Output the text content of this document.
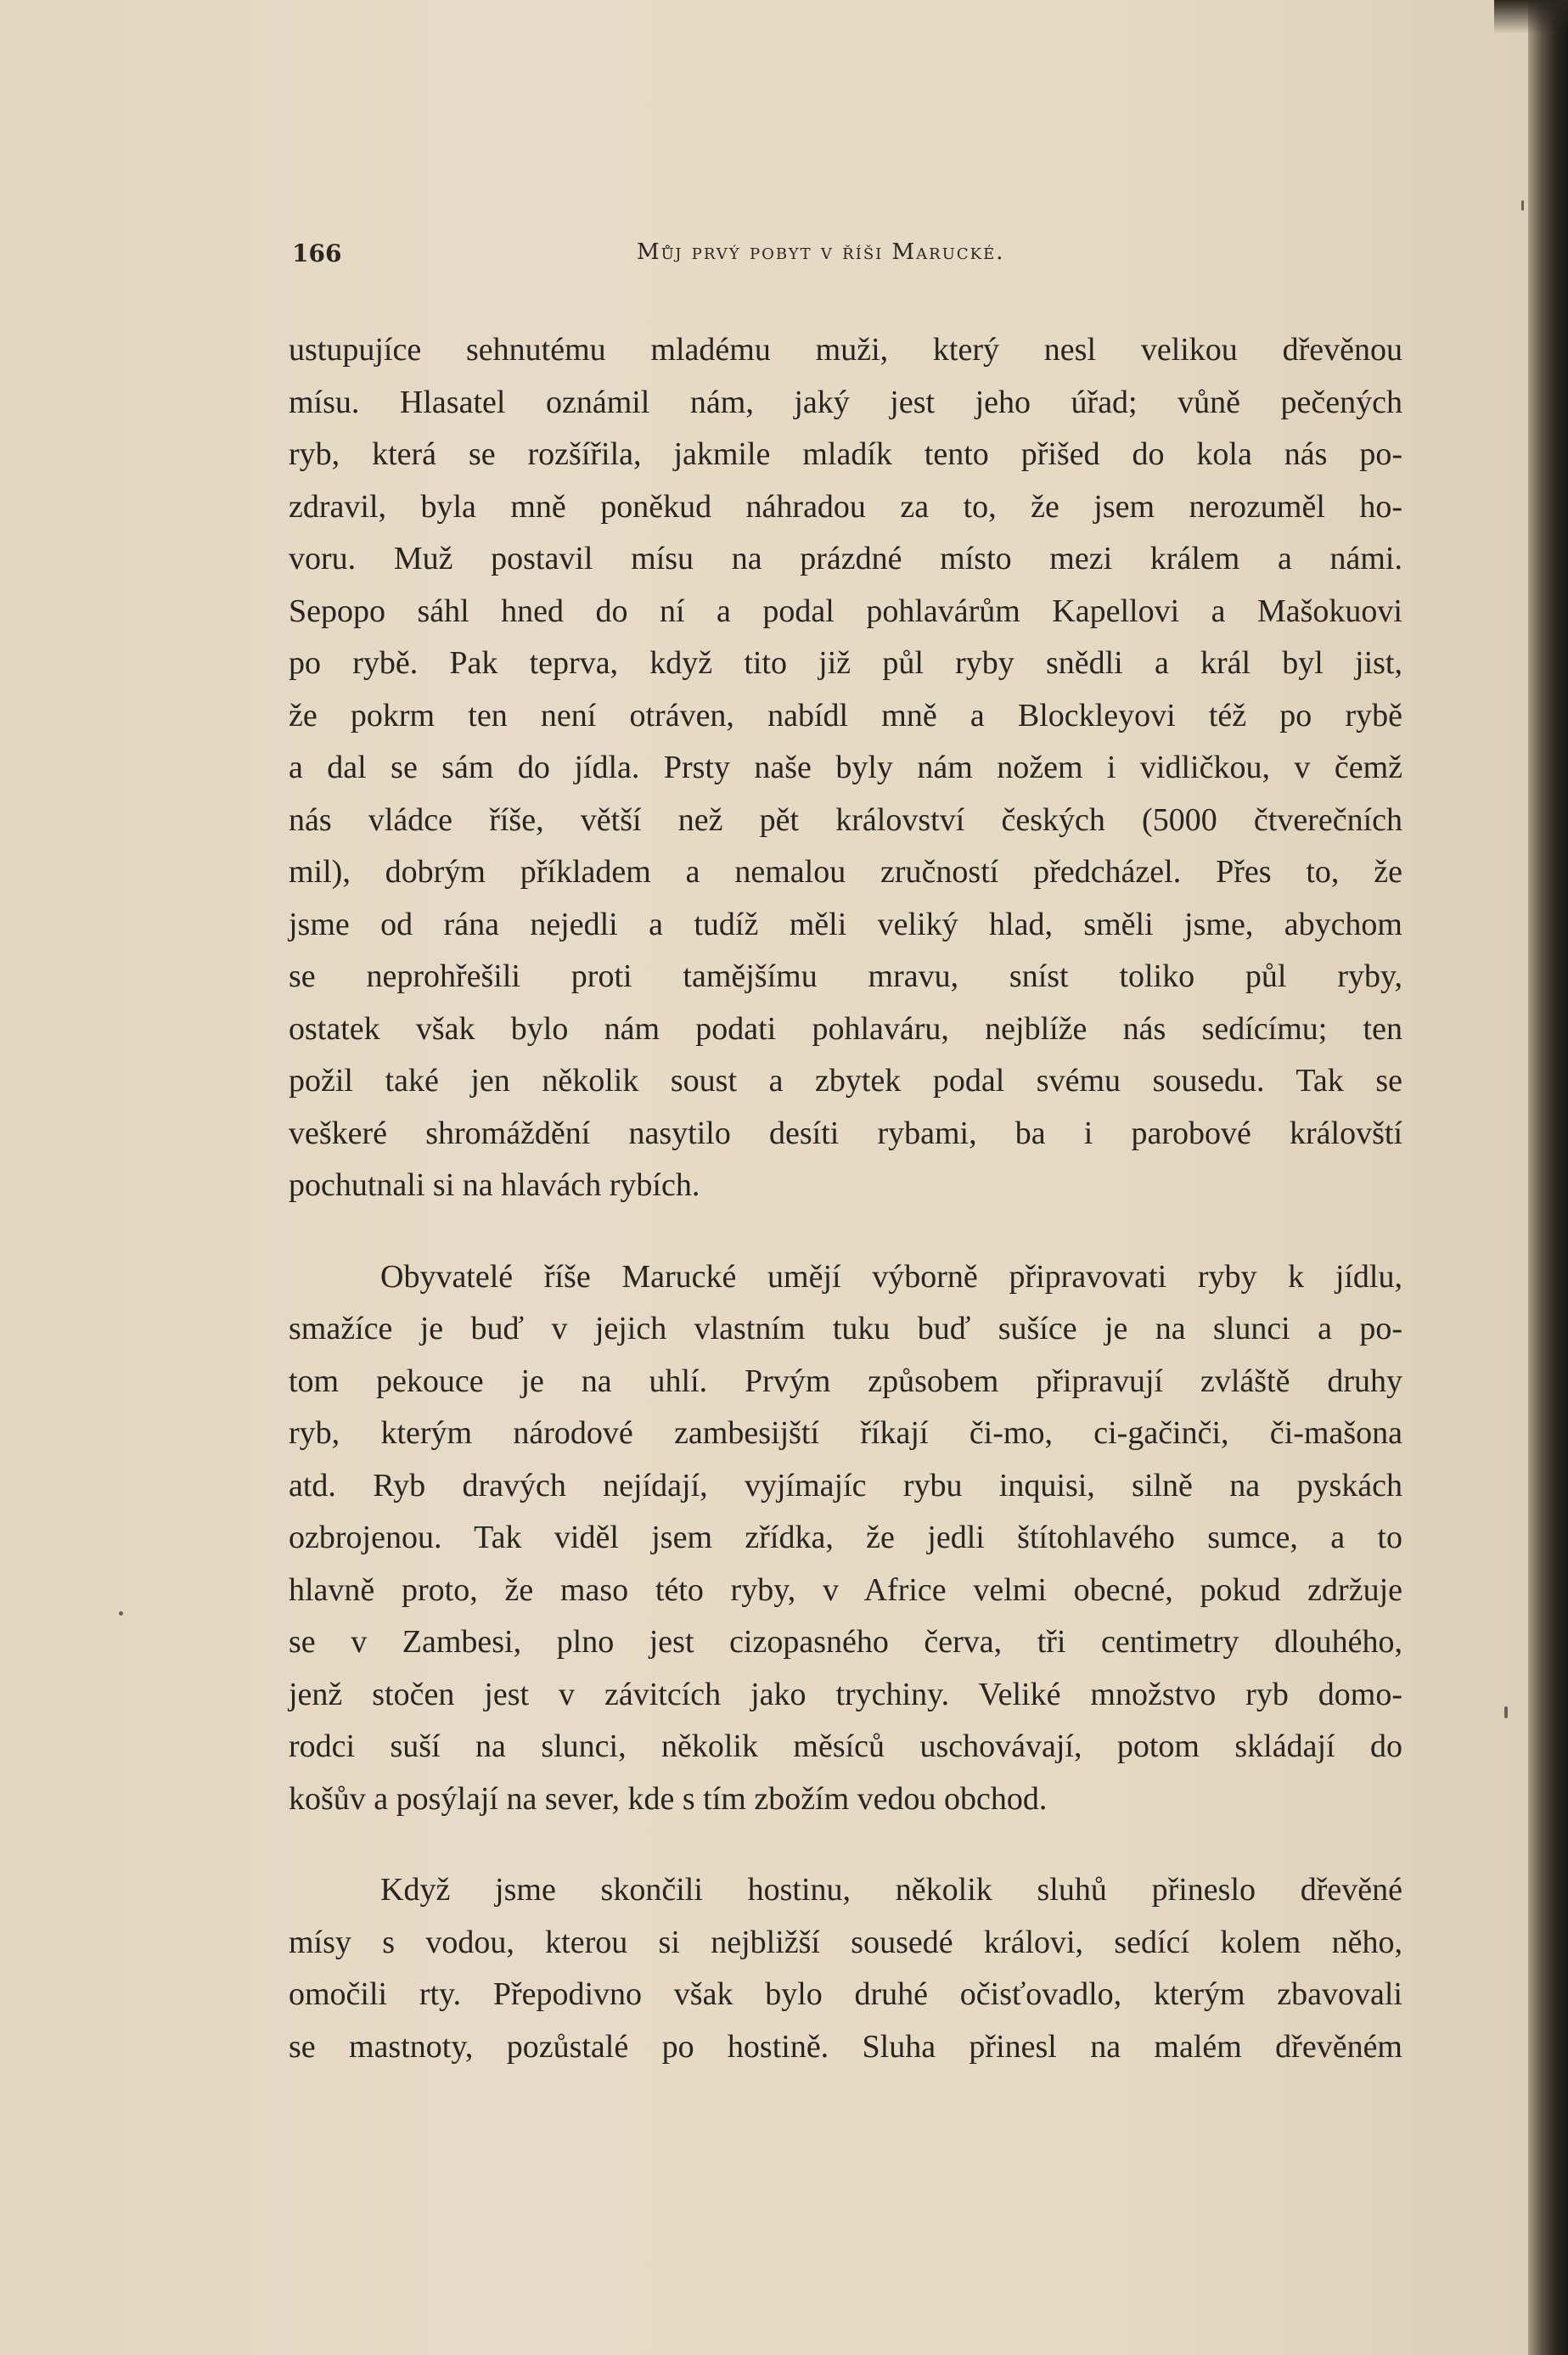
166	Můj prvý pobyt v říši Marucké.
ustupujíce sehnutému mladému muži, který nesl velikou dřevěnou
mísu. Hlasatel oznámil nám, jaký jest jeho úřad; vůně pečených
ryb, která se rozšířila, jakmile mladík tento přišed do kola nás po-
zdravil, byla mně poněkud náhradou za to, že jsem nerozuměl ho-
voru. Muž postavil mísu na prázdné místo mezi králem a námi.
Sepopo sáhl hned do ní a podal pohlavárům Kapellovi a Mašokuovi
po rybě. Pak teprva, když tito již půl ryby snědli a král byl jist,
že pokrm ten není otráven, nabídl mně a Blockleyovi též po rybě
a dal se sám do jídla. Prsty naše byly nám nožem i vidličkou, v čemž
nás vládce říše, větší než pět království českých (5000 čtverečních
mil), dobrým příkladem a nemalou zručností předcházel. Přes to, že
jsme od rána nejedli a tudíž měli veliký hlad, směli jsme, abychom
se neprohřešili proti tamějšímu mravu, sníst toliko půl ryby,
ostatek však bylo nám podati pohlaváru, nejblíže nás sedícímu; ten
požil také jen několik soust a zbytek podal svému sousedu. Tak se
veškeré shromáždění nasytilo desíti rybami, ba i parobové královští
pochutnali si na hlavách rybích.
Obyvatelé říše Marucké umějí výborně připravovati ryby k jídlu,
smažíce je buď v jejich vlastním tuku buď sušíce je na slunci a po-
tom pekouce je na uhlí. Prvým způsobem připravují zvláště druhy
ryb, kterým národové zambesijští říkají či-mo, ci-gačinči, či-mašona
atd. Ryb dravých nejídají, vyjímajíc rybu inquisi, silně na pyskách
ozbrojenou. Tak viděl jsem zřídka, že jedli štítohlavého sumce, a to
hlavně proto, že maso této ryby, v Africe velmi obecné, pokud zdržuje
se v Zambesi, plno jest cizopasného červa, tři centimetry dlouhého,
jenž stočen jest v závitcích jako trychiny. Veliké množstvo ryb domo-
rodci suší na slunci, několik měsíců uschovávají, potom skládají do
košův a posýlají na sever, kde s tím zbožím vedou obchod.
Když jsme skončili hostinu, několik sluhů přineslo dřevěné
mísy s vodou, kterou si nejbližší sousedé královi, sedící kolem něho,
omočili rty. Přepodivno však bylo druhé očisťovadlo, kterým zbavovali
se mastnoty, pozůstalé po hostině. Sluha přinesl na malém dřevěném
